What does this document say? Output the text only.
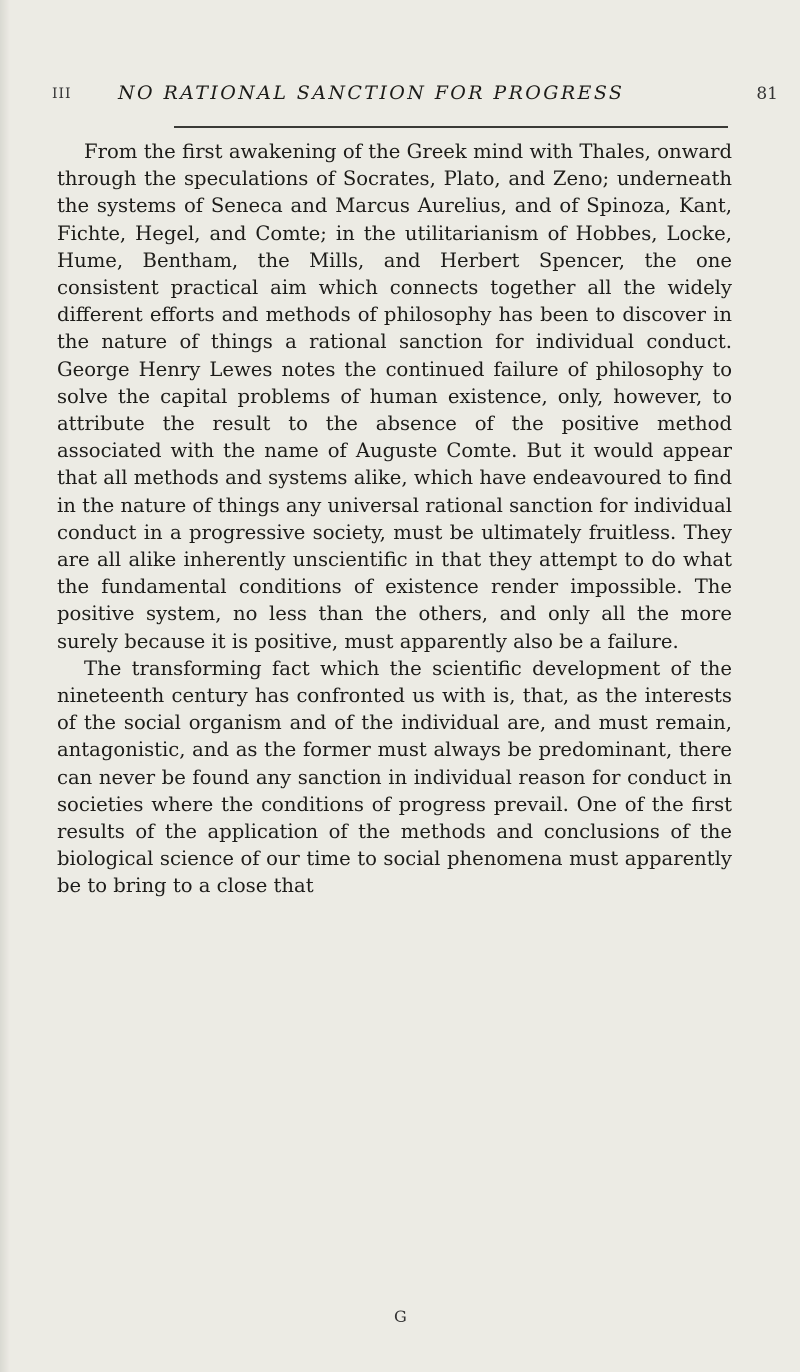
III NO RATIONAL SANCTION FOR PROGRESS	81

From the first awakening of the Greek mind with Thales, onward through the speculations of Socrates, Plato, and Zeno; underneath the systems of Seneca and Marcus Aurelius, and of Spinoza, Kant, Fichte, Hegel, and Comte; in the utilitarianism of Hobbes, Locke, Hume, Bentham, the Mills, and Herbert Spencer, the one consistent practical aim which connects together all the widely different efforts and methods of philosophy has been to discover in the nature of things a rational sanction for individual conduct. George Henry Lewes notes the continued failure of philosophy to solve the capital problems of human existence, only, however, to attribute the result to the absence of the positive method associated with the name of Auguste Comte. But it would appear that all methods and systems alike, which have endeavoured to find in the nature of things any universal rational sanction for individual conduct in a progressive society, must be ultimately fruitless. They are all alike inherently unscientific in that they attempt to do what the fundamental conditions of existence render impossible. The positive system, no less than the others, and only all the more surely because it is positive, must apparently also be a failure.

The transforming fact which the scientific development of the nineteenth century has confronted us with is, that, as the interests of the social organism and of the individual are, and must remain, antagonistic, and as the former must always be predominant, there can never be found any sanction in individual reason for conduct in societies where the conditions of progress prevail. One of the first results of the application of the methods and conclusions of the biological science of our time to social phenomena must apparently be to bring to a close that

G
